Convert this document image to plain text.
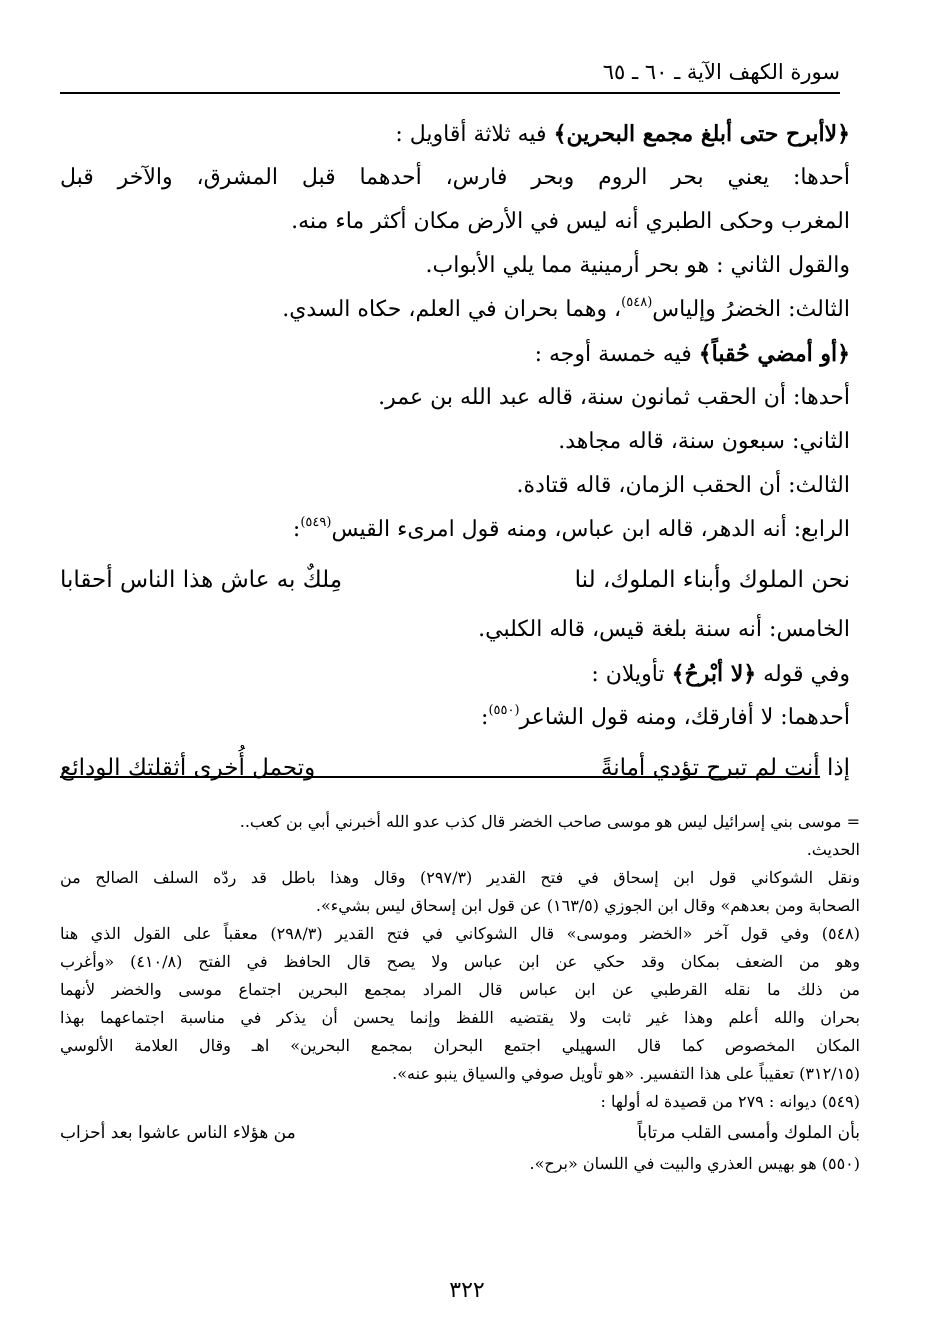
سورة الكهف الآية ـ ٦٠ ـ ٦٥
﴿لاأبرح حتى أبلغ مجمع البحرين﴾ فيه ثلاثة أقاويل :
أحدها: يعني بحر الروم وبحر فارس، أحدهما قبل المشرق، والآخر قبل
المغرب وحكى الطبري أنه ليس في الأرض مكان أكثر ماء منه.
والقول الثاني : هو بحر أرمينية مما يلي الأبواب.
الثالث: الخضرُ وإلياس$^{(٥٤٨)}$، وهما بحران في العلم، حكاه السدي.
﴿أو أمضي حُقباً﴾ فيه خمسة أوجه :
أحدها: أن الحقب ثمانون سنة، قاله عبد الله بن عمر.
الثاني: سبعون سنة، قاله مجاهد.
الثالث: أن الحقب الزمان، قاله قتادة.
الرابع: أنه الدهر، قاله ابن عباس، ومنه قول امرىء القيس$^{(٥٤٩)}$:
نحن الملوك وأبناء الملوك، لنا
مِلكٌ به عاش هذا الناس أحقابا
الخامس: أنه سنة بلغة قيس، قاله الكلبي.
وفي قوله ﴿لا أبْرحُ﴾ تأويلان :
أحدهما: لا أفارقك، ومنه قول الشاعر$^{(٥٥٠)}$:
إذا أنت لم تبرح تؤدي أمانةً
وتحمل أُخرى أثقلتك الودائع
= موسى بني إسرائيل ليس هو موسى صاحب الخضر قال كذب عدو الله أخبرني أبي بن كعب..
الحديث.
ونقل الشوكاني قول ابن إسحاق في فتح القدير (٢٩٧/٣) وقال وهذا باطل قد ردّه السلف الصالح من
الصحابة ومن بعدهم» وقال ابن الجوزي (١٦٣/٥) عن قول ابن إسحاق ليس بشيء».
(٥٤٨) وفي قول آخر «الخضر وموسى» قال الشوكاني في فتح القدير (٢٩٨/٣) معقباً على القول الذي هنا
وهو من الضعف بمكان وقد حكي عن ابن عباس ولا يصح قال الحافظ في الفتح (٤١٠/٨) «وأغرب
من ذلك ما نقله القرطبي عن ابن عباس قال المراد بمجمع البحرين اجتماع موسى والخضر لأنهما
بحران والله أعلم وهذا غير ثابت ولا يقتضيه اللفظ وإنما يحسن أن يذكر في مناسبة اجتماعهما بهذا
المكان المخصوص كما قال السهيلي اجتمع البحران بمجمع البحرين» اهـ وقال العلامة الألوسي
(٣١٢/١٥) تعقيباً على هذا التفسير. «هو تأويل صوفي والسياق ينبو عنه».
(٥٤٩) ديوانه : ٢٧٩ من قصيدة له أولها :
بأن الملوك وأمسى القلب مرتاباً
من هؤلاء الناس عاشوا بعد أحزاب
(٥٥٠) هو بهيس العذري والبيت في اللسان «برح».
٣٢٢
